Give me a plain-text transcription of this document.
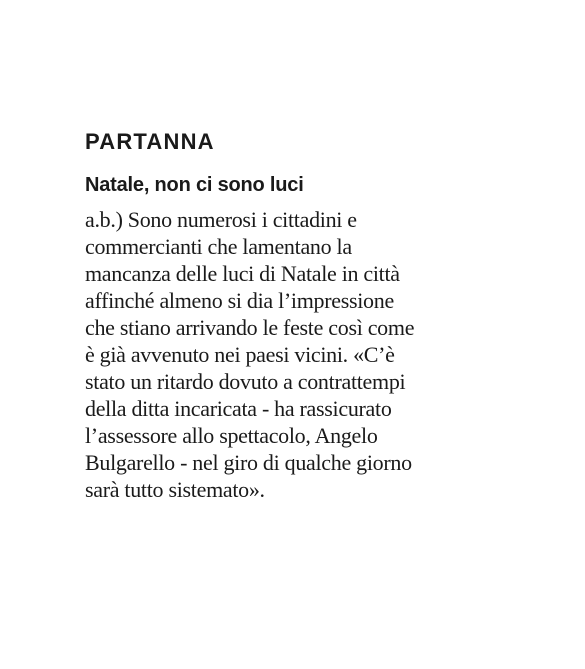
PARTANNA
Natale, non ci sono luci

a.b.) Sono numerosi i cittadini e
commercianti che lamentano la
mancanza delle luci di Natale in città
affinché almeno si dia l’impressione
che stiano arrivando le feste così come
è già avvenuto nei paesi vicini. «C’è
stato un ritardo dovuto a contrattempi
della ditta incaricata - ha rassicurato
l’assessore allo spettacolo, Angelo
Bulgarello - nel giro di qualche giorno
sarà tutto sistemato».
